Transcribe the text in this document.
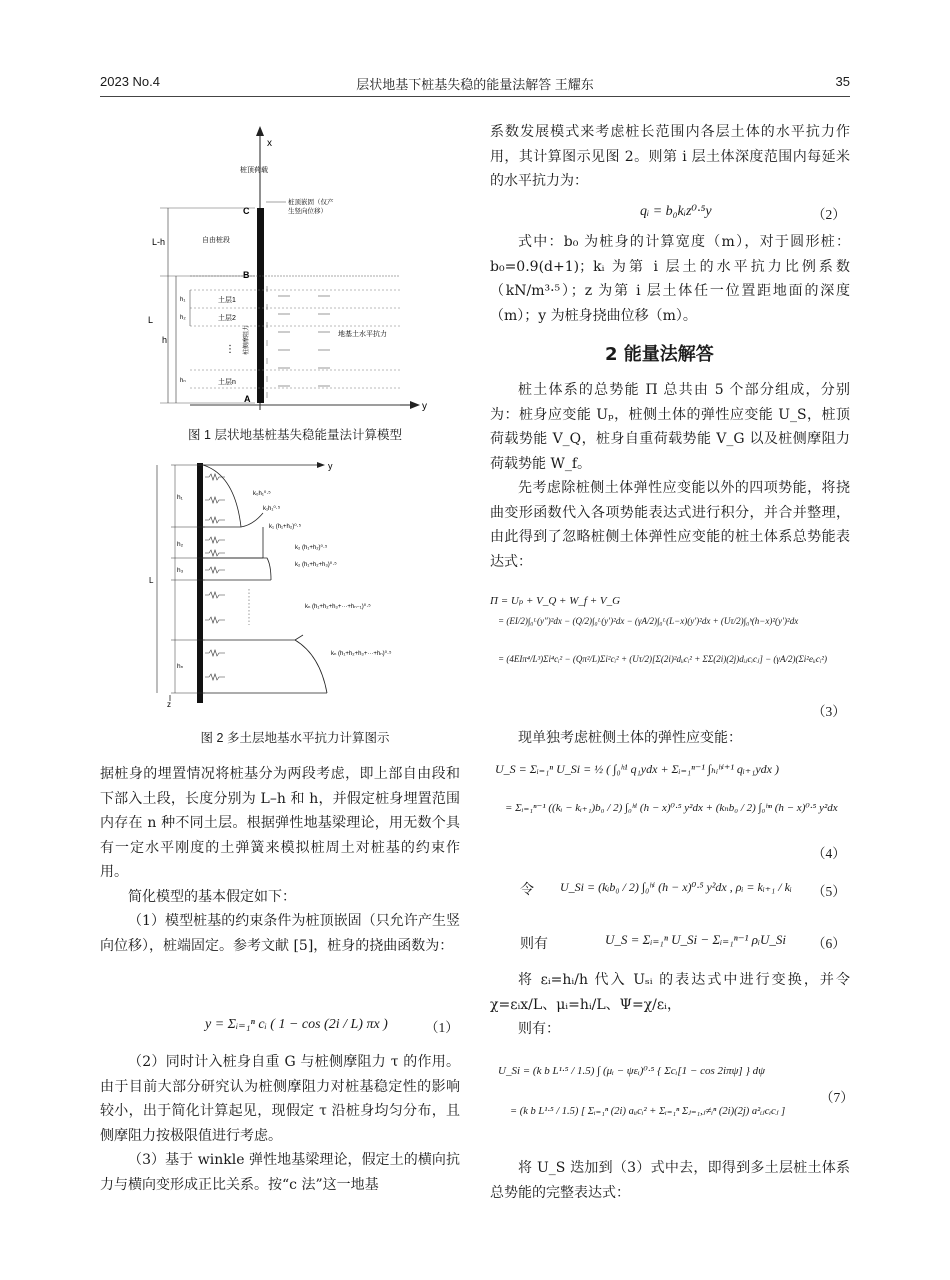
2023 No.4	层状地基下桩基失稳的能量法解答 王耀东	35
x
y
桩顶荷载
C
B
A
桩顶嵌固（仅产
生竖向位移）
自由桩段
L-h
L
h
h₁
h₂
hₙ
土层1
土层2
⋮
土层n
桩侧摩阻力	地基土水平抗力
图 1 层状地基桩基失稳能量法计算模型
y
z
L
h₁
h₂
h₃
hₙ
k₀h₁⁰·⁵
k₁h₁⁰·⁵
k₁ (h₁+h₂)⁰·⁵
k₂ (h₁+h₂)⁰·⁵
k₂ (h₁+h₂+h₃)⁰·⁵
kₙ (h₁+h₂+h₃+···+hₙ₋₁)⁰·⁵
kₙ (h₁+h₂+h₃+···+hₙ)⁰·⁵
图 2 多土层地基水平抗力计算图示

据桩身的埋置情况将桩基分为两段考虑，即上部自由段和下部入土段，长度分别为 L–h 和 h，并假定桩身埋置范围内存在 n 种不同土层。根据弹性地基梁理论，用无数个具有一定水平刚度的土弹簧来模拟桩周土对桩基的约束作用。

简化模型的基本假定如下：

（1）模型桩基的约束条件为桩顶嵌固（只允许产生竖向位移），桩端固定。参考文献 [5]，桩身的挠曲函数为：

y = Σᵢ₌₁ⁿ cᵢ ( 1 − cos (2i / L) πx )	（1）

（2）同时计入桩身自重 G 与桩侧摩阻力 τ 的作用。由于目前大部分研究认为桩侧摩阻力对桩基稳定性的影响较小，出于简化计算起见，现假定 τ 沿桩身均匀分布，且侧摩阻力按极限值进行考虑。

（3）基于 winkle 弹性地基梁理论，假定土的横向抗力与横向变形成正比关系。按“c 法”这一地基

系数发展模式来考虑桩长范围内各层土体的水平抗力作用，其计算图示见图 2。则第 i 层土体深度范围内每延米的水平抗力为：

qᵢ = b₀kᵢz⁰·⁵y	（2）

式中：b₀ 为桩身的计算宽度（m），对于圆形桩：b₀=0.9(d+1)；kᵢ 为第 i 层土的水平抗力比例系数（kN/m³·⁵）；z 为第 i 层土体任一位置距地面的深度（m）；y 为桩身挠曲位移（m）。

2 能量法解答

桩土体系的总势能 Π 总共由 5 个部分组成，分别为：桩身应变能 Uₚ，桩侧土体的弹性应变能 U_S，桩顶荷载势能 V_Q，桩身自重荷载势能 V_G 以及桩侧摩阻力荷载势能 W_f。

先考虑除桩侧土体弹性应变能以外的四项势能，将挠曲变形函数代入各项势能表达式进行积分，并合并整理，由此得到了忽略桩侧土体弹性应变能的桩土体系总势能表达式：

Π = Uₚ + V_Q + W_f + V_G
= (EI/2)∫₀ᴸ(y″)²dx − (Q/2)∫₀ᴸ(y′)²dx − (γA/2)∫₀ᴸ(L−x)(y′)²dx + (Uτ/2)∫₀ʰ(h−x)²(y′)²dx
= (4EIπ⁴/L³)Σi⁴cᵢ² − (Qπ²/L)Σi²cᵢ² + (Uτ/2)[Σ(2i)²dᵢᵢcᵢ² + ΣΣ(2i)(2j)dᵢⱼcᵢcⱼ] − (γA/2)(Σi²eᵢᵢcᵢ²)
（3）

现单独考虑桩侧土体的弹性应变能：

U_S = Σᵢ₌₁ⁿ U_Si = ½ ( ∫₀ʰ¹ q₁ydx + Σᵢ₌₁ⁿ⁻¹ ∫ₕᵢʰⁱ⁺¹ qᵢ₊₁ydx )
= Σᵢ₌₁ⁿ⁻¹ ((kᵢ − kᵢ₊₁)b₀ / 2) ∫₀ʰⁱ (h − x)⁰·⁵ y²dx + (kₙb₀ / 2) ∫₀ʰⁿ (h − x)⁰·⁵ y²dx
（4）
令 U_Si = (kᵢb₀ / 2) ∫₀ʰⁱ (h − x)⁰·⁵ y²dx , ρᵢ = kᵢ₊₁ / kᵢ （5）
则有	U_S = Σᵢ₌₁ⁿ U_Si − Σᵢ₌₁ⁿ⁻¹ ρᵢU_Si （6）

将 εᵢ=hᵢ/h 代入 Uₛᵢ 的表达式中进行变换，并令 χ=εᵢx/L、μᵢ=hᵢ/L、Ψ=χ/εᵢ，

则有：

U_Si = (k b L¹·⁵ / 1.5) ∫ (μᵢ − ψεᵢ)⁰·⁵ { Σcᵢ[1 − cos 2iπψ] } dψ
= (k b L¹·⁵ / 1.5) [ Σᵢ₌₁ⁿ (2i) aᵢᵢcᵢ² + Σᵢ₌₁ⁿ Σⱼ₌₁,ⱼ≠ᵢⁿ (2i)(2j) a²ᵢⱼcᵢcⱼ ]
（7）

将 U_S 迭加到（3）式中去，即得到多土层桩土体系总势能的完整表达式：
